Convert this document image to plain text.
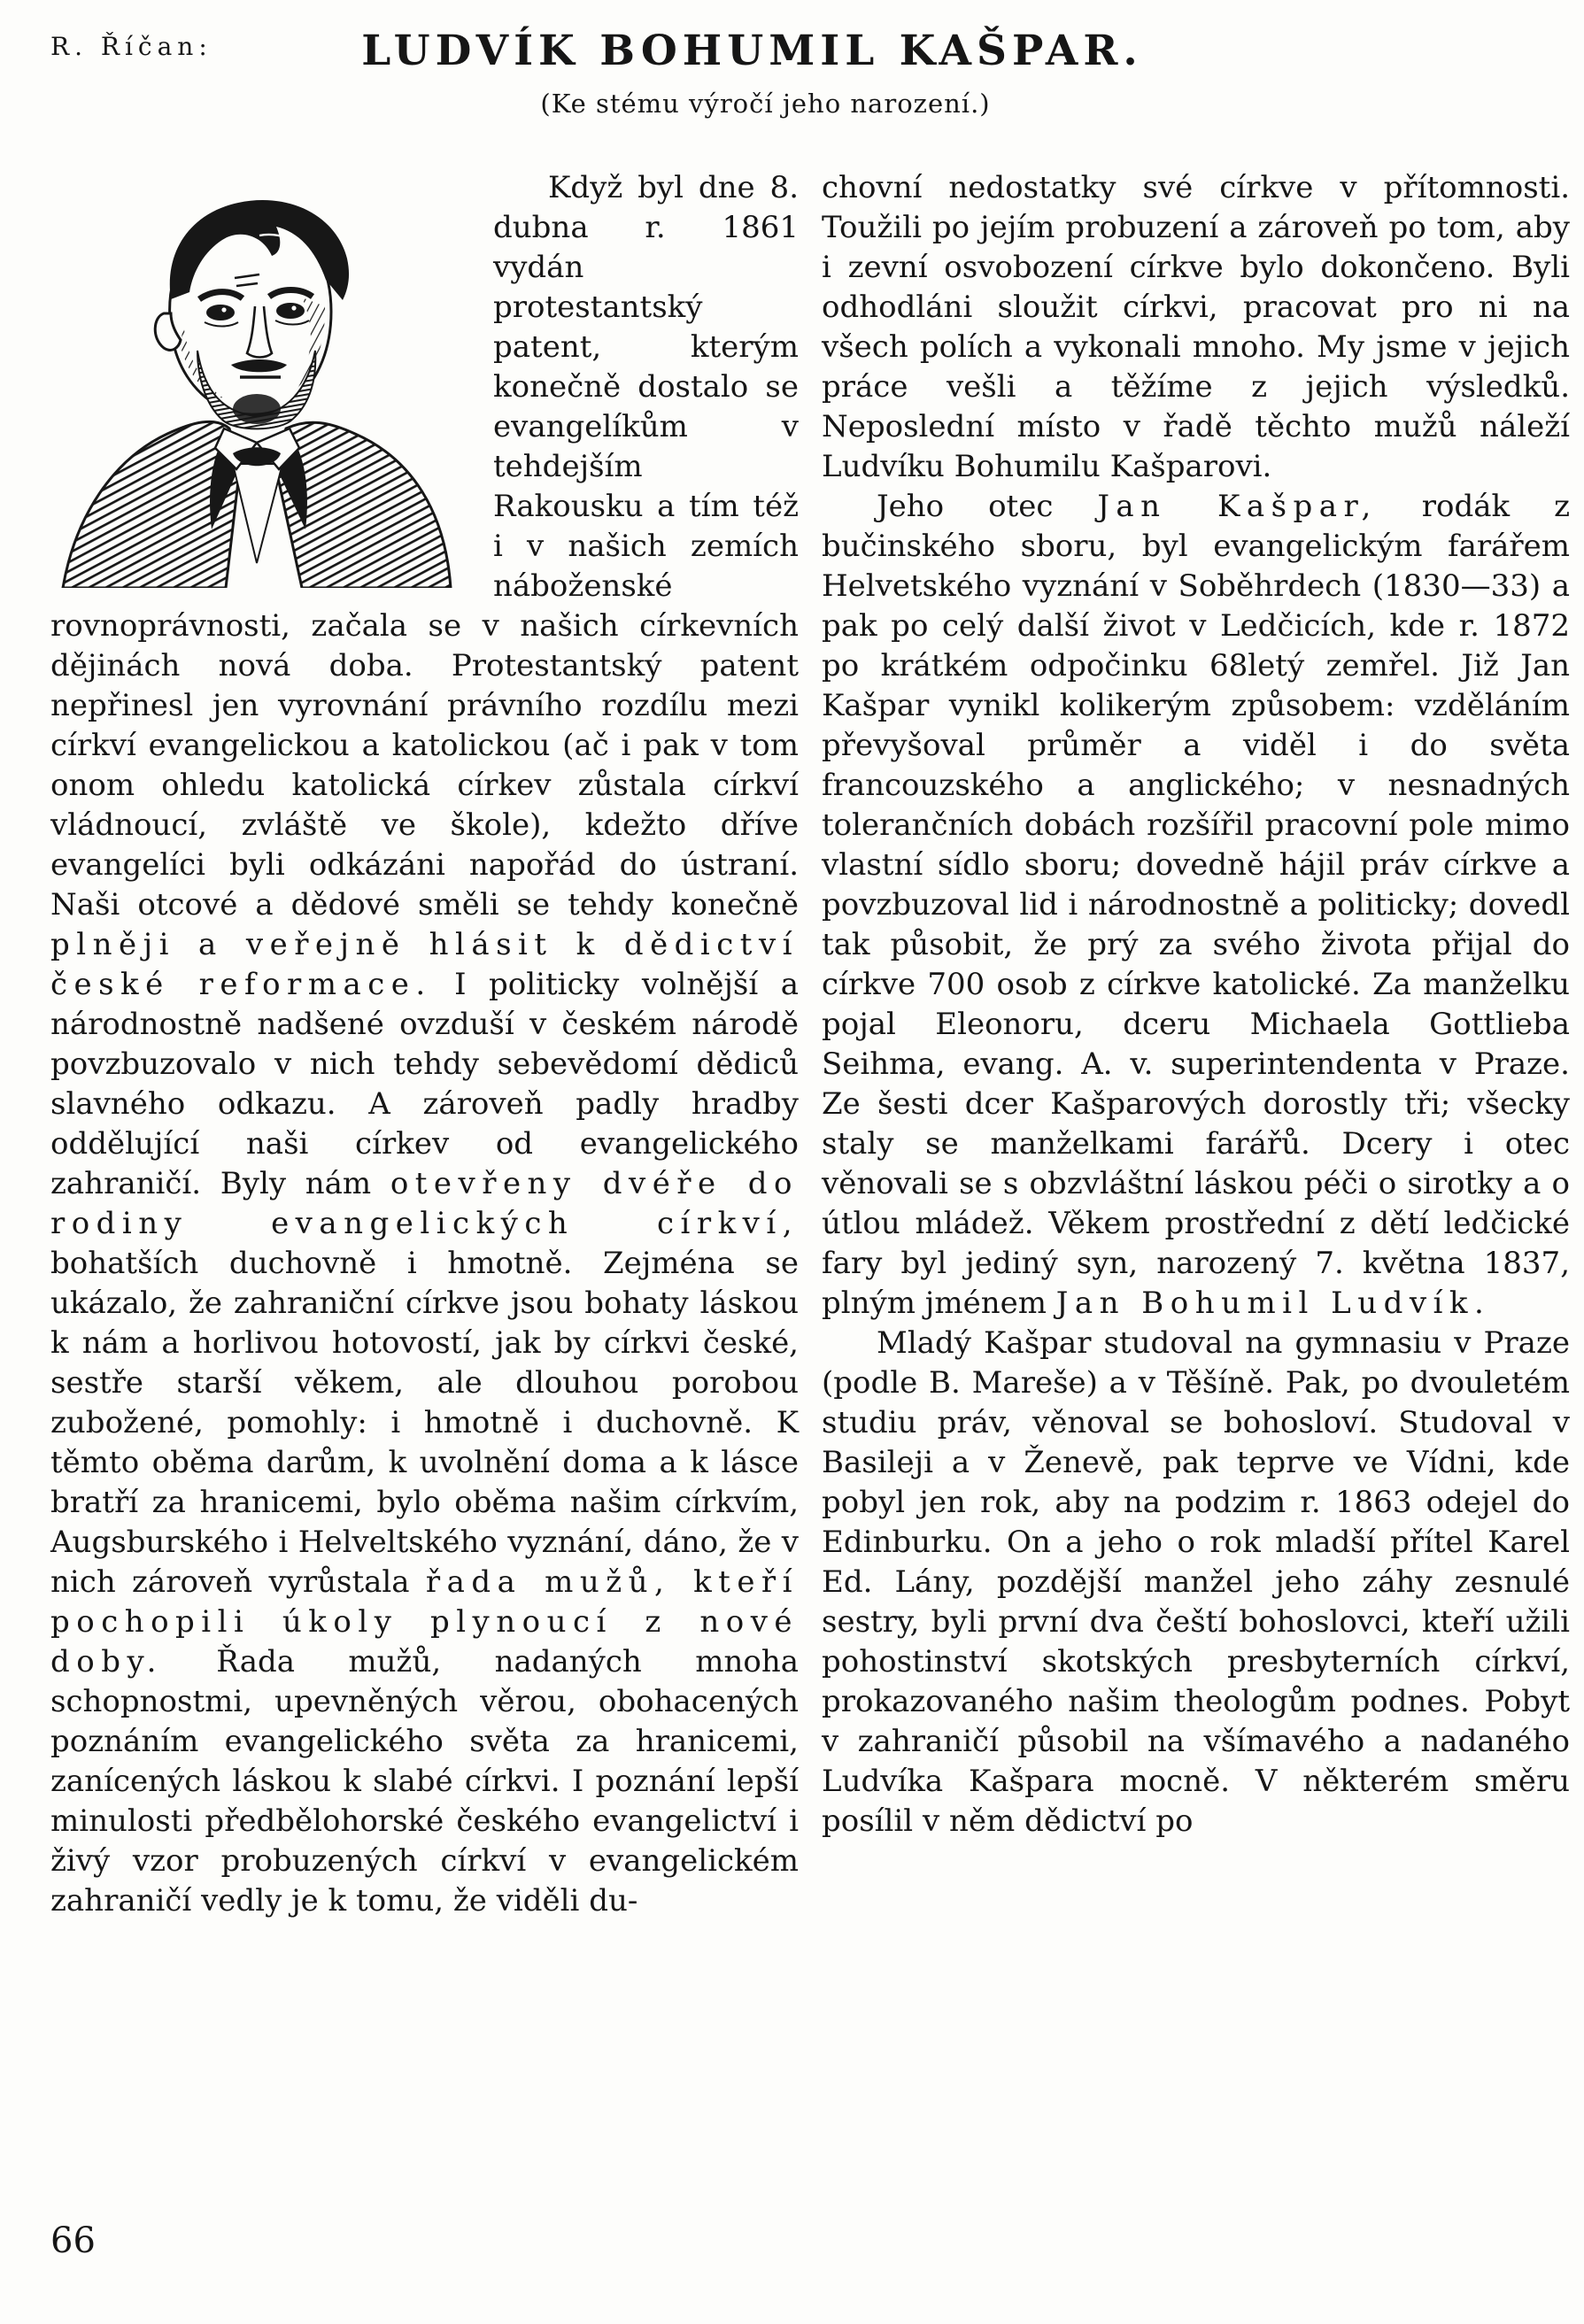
R. Říčan:	LUDVÍK BOHUMIL KAŠPAR.
(Ke stému výročí jeho narození.)

Když byl dne 8. dubna r. 1861 vydán protestantský patent, kterým konečně dostalo se evangelíkům v tehdejším Rakousku a tím též i v našich zemích náboženské rovnoprávnosti, začala se v našich církevních dějinách nová doba. Protestantský patent nepřinesl jen vyrovnání právního rozdílu mezi církví evangelickou a katolickou (ač i pak v tom onom ohledu katolická církev zůstala církví vládnoucí, zvláště ve škole), kdežto dříve evangelíci byli odkázáni napořád do ústraní. Naši otcové a dědové směli se tehdy konečně plněji a veřejně hlásit k dědictví české reformace. I politicky volnější a národnostně nadšené ovzduší v českém národě povzbuzovalo v nich tehdy sebevědomí dědiců slavného odkazu. A zároveň padly hradby oddělující naši církev od evangelického zahraničí. Byly nám otevřeny dvéře do rodiny evangelických církví, bohatších duchovně i hmotně. Zejména se ukázalo, že zahraniční církve jsou bohaty láskou k nám a horlivou hotovostí, jak by církvi české, sestře starší věkem, ale dlouhou porobou zubožené, pomohly: i hmotně i duchovně. K těmto oběma darům, k uvolnění doma a k lásce bratří za hranicemi, bylo oběma našim církvím, Augsburského i Helveltského vyznání, dáno, že v nich zároveň vyrůstala řada mužů, kteří pochopili úkoly plynoucí z nové doby. Řada mužů, nadaných mnoha schopnostmi, upevněných věrou, obohacených poznáním evangelického světa za hranicemi, zanícených láskou k slabé církvi. I poznání lepší minulosti předbělohorské českého evangelictví i živý vzor probuzených církví v evangelickém zahraničí vedly je k tomu, že viděli du-

chovní nedostatky své církve v přítomnosti. Toužili po jejím probuzení a zároveň po tom, aby i zevní osvobození církve bylo dokončeno. Byli odhodláni sloužit církvi, pracovat pro ni na všech polích a vykonali mnoho. My jsme v jejich práce vešli a těžíme z jejich výsledků. Neposlední místo v řadě těchto mužů náleží Ludvíku Bohumilu Kašparovi.

Jeho otec Jan Kašpar, rodák z bučinského sboru, byl evangelickým farářem Helvetského vyznání v Soběhrdech (1830—33) a pak po celý další život v Ledčicích, kde r. 1872 po krátkém odpočinku 68letý zemřel. Již Jan Kašpar vynikl kolikerým způsobem: vzděláním převyšoval průměr a viděl i do světa francouzského a anglického; v nesnadných tolerančních dobách rozšířil pracovní pole mimo vlastní sídlo sboru; dovedně hájil práv církve a povzbuzoval lid i národnostně a politicky; dovedl tak působit, že prý za svého života přijal do církve 700 osob z církve katolické. Za manželku pojal Eleonoru, dceru Michaela Gottlieba Seihma, evang. A. v. superintendenta v Praze. Ze šesti dcer Kašparových dorostly tři; všecky staly se manželkami farářů. Dcery i otec věnovali se s obzvláštní láskou péči o sirotky a o útlou mládež. Věkem prostřední z dětí ledčické fary byl jediný syn, narozený 7. května 1837, plným jménem Jan Bohumil Ludvík.

Mladý Kašpar studoval na gymnasiu v Praze (podle B. Mareše) a v Těšíně. Pak, po dvouletém studiu práv, věnoval se bohosloví. Studoval v Basileji a v Ženevě, pak teprve ve Vídni, kde pobyl jen rok, aby na podzim r. 1863 odejel do Edinburku. On a jeho o rok mladší přítel Karel Ed. Lány, pozdější manžel jeho záhy zesnulé sestry, byli první dva čeští bohoslovci, kteří užili pohostinství skotských presbyterních církví, prokazovaného našim theologům podnes. Pobyt v zahraničí působil na všímavého a nadaného Ludvíka Kašpara mocně. V některém směru posílil v něm dědictví po

66
